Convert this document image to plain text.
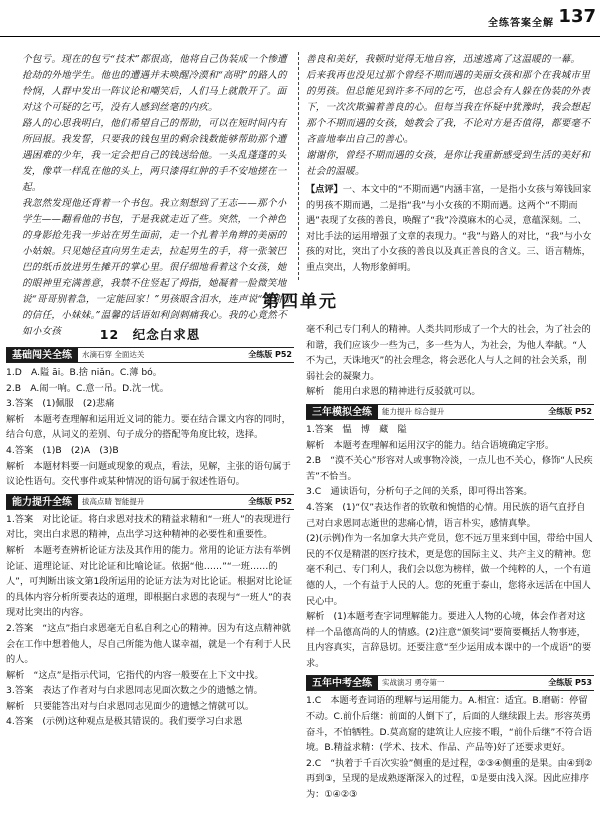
全练答案全解 137
个包亏。现在的包亏“技术”都很高，他将自己伪装成一个惨遭抢劫的外地学生。他也的遭遇并未唤醒冷漠和“高明”的路人的怜悯，人群中发出一阵议论和嘲笑后，人们马上就散开了。面对这个可疑的乞丐，没有人感到丝毫的内疚。
路人的心思我明白，他们希望自己的帮助，可以在短时间内有所回报。我发誓，只要我的钱包里的剩余钱数能够帮助那个遭遇困难的少年，我一定会把自己的钱送给他。一头乱蓬蓬的头发，像草一样乱在他的头上，两只漆得红肿的手不安地搓在一起。
我忽然发现他还背着一个书包。我立刻想到了王志——那个小学生——翻看他的书包，于是我就走近了些。突然，一个神色的身影抢先我一步站在男生面前，走一个扎着羊角辫的美丽的小姑娘。只见她径直向男生走去，拉起男生的手，将一张皱巴巴的纸币放进男生摊开的掌心里。很仔细地看着这个女孩，她的眼神里充满善意，我禁不住竖起了拇指，她凝着一脸微笑地说“哥哥别着急，一定能回家！”男孩眼含泪水，连声说“谢谢你的信任，小妹妹。”温馨的话语如利剑刺痛我心。我的心竟然不如小女孩
善良和美好，我顿时觉得无地自容，迅速逃离了这温暖的一幕。
后来我再也没见过那个曾经不期而遇的美丽女孩和那个在我城市里的男孩。但总能见到许多不同的乞丐，也总会有人躲在伪装的外表下，一次次欺骗着善良的心。但每当我在怀疑中犹豫时，我会想起那个不期而遇的女孩，她教会了我，不论对方是否值得，都要毫不吝啬地奉出自己的善心。
谢谢你，曾经不期而遇的女孩，是你让我重新感受到生活的美好和社会的温暖。
【点评】一、本文中的“不期而遇”内涵丰富，一是指小女孩与筹钱回家的男孩不期而遇，二是指“我”与小女孩的不期而遇。这两个“不期而遇”表现了女孩的善良，唤醒了“我”冷漠麻木的心灵，意蕴深刻。二、对比手法的运用增强了文章的表现力。“我”与路人的对比，“我”与小女孩的对比，突出了小女孩的善良以及真正善良的含义。三、语言精炼，重点突出，人物形象鲜明。
第四单元
12　 纪念白求恩
基础闯关全练	水滴石穿 全面达关	全练版 P52
1.D　A.隘 āi。B.捨 niǎn。C.薄 bó。
2.B　A.闹一响。C.意一吊。D.沈一忧。
3.答案　(1)佩服　(2)悲痛
解析　本题考查理解和运用近义词的能力。要在结合课文内容的同时，结合句意，从词义的差别、句子成分的搭配等角度比较，选择。
4.答案　(1)B　(2)A　(3)B
解析　本题材料要一问题或现象的观点，看法，见解，主张的语句属于议论性语句。交代事件或某种情况的语句属于叙述性语句。
能力提升全练	拔高点睛 智能提升	全练版 P52
1.答案　对比论证。将白求恩对技术的精益求精和“一班人”的表现进行对比，突出白求恩的精神，点出学习这种精神的必要性和重要性。
解析　本题考查辨析论证方法及其作用的能力。常用的论证方法有举例论证、道理论证、对比论证和比喻论证。依据“他……”“一班……的人”，可判断出该文第1段所运用的论证方法为对比论证。根据对比论证的具体内容分析所要表达的道理，即根据白求恩的表现与“一班人”的表现对比突出的内容。
2.答案　“这点”指白求恩毫无自私自利之心的精神。因为有这点精神就会在工作中想着他人，尽自己所能为他人谋幸福，就是一个有利于人民的人。
解析　“这点”是指示代词，它指代的内容一般要在上下文中找。
3.答案　表达了作者对与白求恩同志见面次数之少的遗憾之情。
解析　只要能答出对与白求恩同志见面少的遗憾之情就可以。
4.答案　(示例)这种观点是极其错误的。我们要学习白求恩
毫不利己专门利人的精神。人类共同形成了一个大的社会，为了社会的和谐，我们应该少一些为己，多一些为人，为社会，为他人奉献。“人不为己，天诛地灭”的社会理念，将会恶化人与人之间的社会关系，削弱社会的凝聚力。
解析　能用白求恩的精神进行反驳就可以。
三年模拟全练	能力提升 综合提升	全练版 P52
1.答案　愠　博　藏　隘
解析　本题考查理解和运用汉字的能力。结合语境确定字形。
2.B　“漠不关心”形容对人或事物冷淡，一点儿也不关心，修饰“人民疾苦”不恰当。
3.C　通读语句，分析句子之间的关系，即可得出答案。
4.答案　(1)“仅”表达作者的钦敬和惋惜的心情。用民族的语气直抒自己对白求恩同志逝世的悲痛心情，语言朴实，感情真挚。
(2)(示例)作为一名加拿大共产党员，您不远万里来到中国，带给中国人民的不仅是精湛的医疗技术，更是您的国际主义、共产主义的精神。您毫不利己、专门利人，我们会以您为榜样，做一个纯粹的人，一个有道德的人，一个有益于人民的人。您的死重于泰山，您将永远活在中国人民心中。
解析　(1)本题考查字词理解能力。要进入人物的心境，体会作者对这样一个品德高尚的人的情感。(2)注意“颁奖词”要简要概括人物事迹，且内容真实，言辞恳切。还要注意“至少运用成本课中的一个成语”的要求。
五年中考全练	实战演习 勇夺第一	全练版 P53
1.C　本题考查词语的理解与运用能力。A.相宜：适宜。B.磨砺：停留不动。C.前仆后继：前面的人倒下了，后面的人继续跟上去。形容英勇奋斗，不怕牺牲。D.莫高窟的建筑让人应接不暇，“前仆后继”不符合语境。B.精益求精：(学术、技术、作品、产品等)好了还要求更好。
2.C　“执着于千百次实验”侧重的是过程，②③④侧重的是果。由④到②再到③，呈现的是成熟逐渐深入的过程，①是要由浅入深。因此应排序为：①④②③
